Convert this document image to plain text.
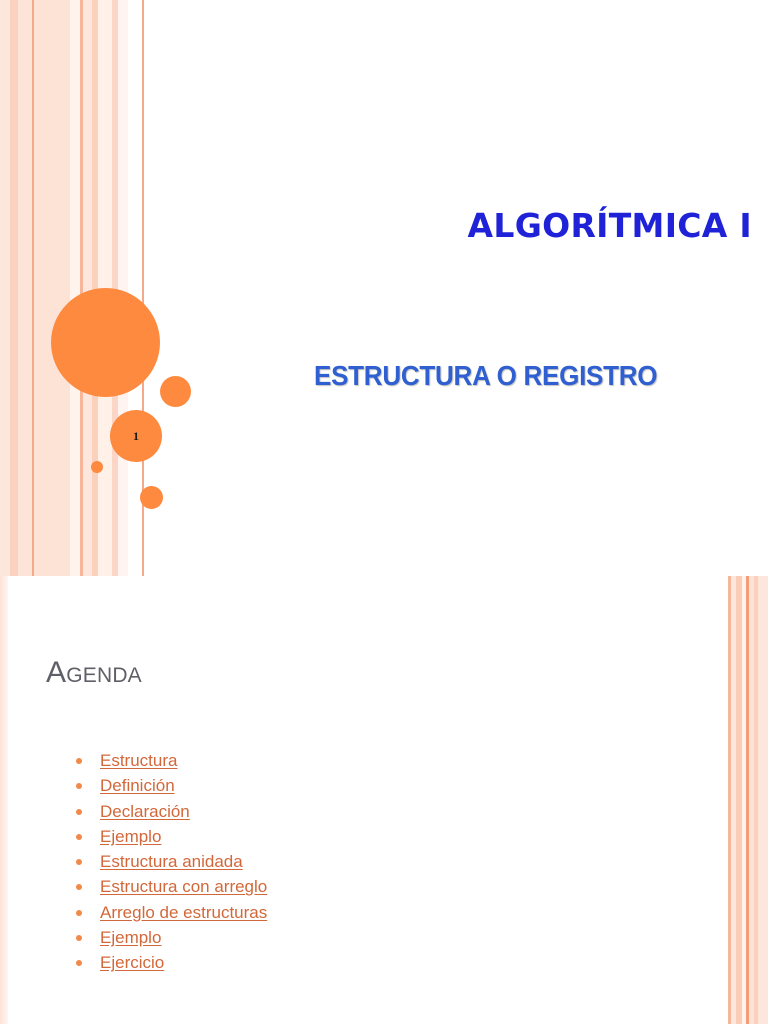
1
ALGORÍTMICA I
ESTRUCTURA O REGISTRO
Agenda
Estructura
Definición
Declaración
Ejemplo
Estructura anidada
Estructura con arreglo
Arreglo de estructuras
Ejemplo
Ejercicio
